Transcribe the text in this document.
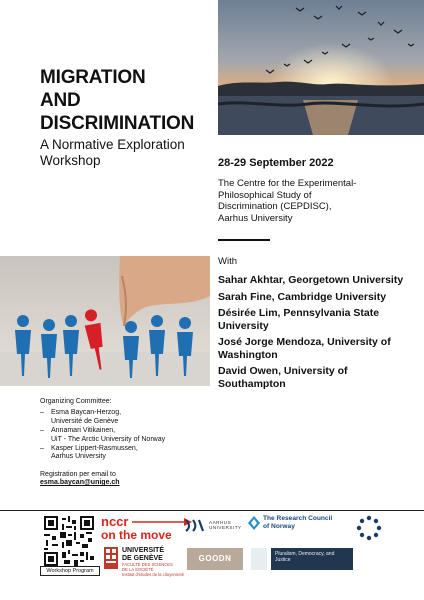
MIGRATION
AND
DISCRIMINATION
A Normative Exploration
Workshop	28-29 September 2022
The Centre for the Experimental-
Philosophical Study of
Discrimination (CEPDISC),
Aarhus University
With
Sahar Akhtar, Georgetown University
Sarah Fine, Cambridge University
Désirée Lim, Pennsylvania State University
José Jorge Mendoza, University of Washington
David Owen, University of Southampton
Organizing Committee:
–	Esma Baycan-Herzog,
Université de Genève
–	Annamari Vitikainen,
UiT - The Arctic University of Norway
–	Kasper Lippert-Rasmussen,
Aarhus University
Registration per email to
esma.baycan@unige.ch
Workshop Program
nccr
on the move
UNIVERSITÉ
DE GENÈVE
FACULTÉ DES SCIENCES
DE LA SOCIÉTÉ
Institut d'études de la citoyenneté
AARHUS
UNIVERSITY
The Research Council
of Norway
GOODN	Pluralism, Democracy, and Justice
